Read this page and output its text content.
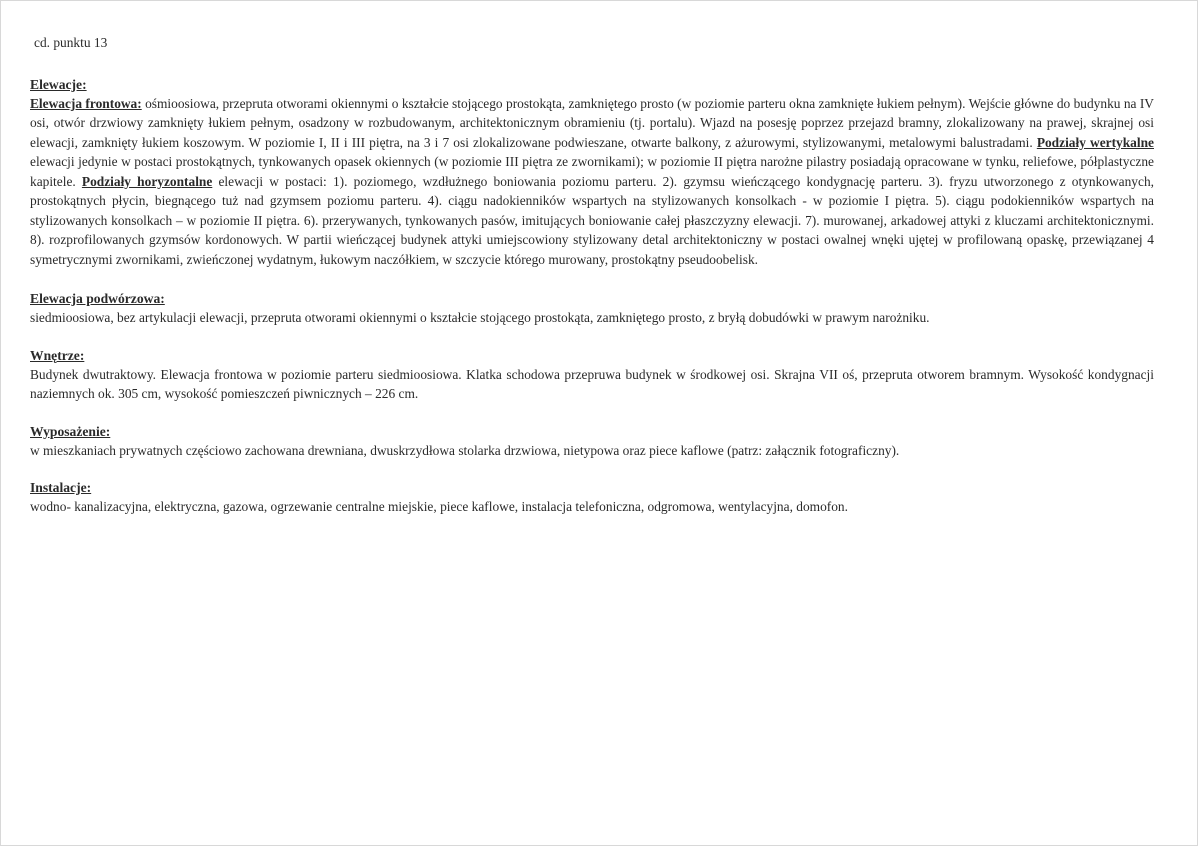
cd. punktu 13
Elewacje:

Elewacja frontowa: ośmioosiowa, przepruta otworami okiennymi o kształcie stojącego prostokąta, zamkniętego prosto (w poziomie parteru okna zamknięte łukiem pełnym). Wejście główne do budynku na IV osi, otwór drzwiowy zamknięty łukiem pełnym, osadzony w rozbudowanym, architektonicznym obramieniu (tj. portalu). Wjazd na posesję poprzez przejazd bramny, zlokalizowany na prawej, skrajnej osi elewacji, zamknięty łukiem koszowym. W poziomie I, II i III piętra, na 3 i 7 osi zlokalizowane podwieszane, otwarte balkony, z ażurowymi, stylizowanymi, metalowymi balustradami. Podziały wertykalne elewacji jedynie w postaci prostokątnych, tynkowanych opasek okiennych (w poziomie III piętra ze zwornikami); w poziomie II piętra narożne pilastry posiadają opracowane w tynku, reliefowe, półplastyczne kapitele. Podziały horyzontalne elewacji w postaci: 1). poziomego, wzdłużnego boniowania poziomu parteru. 2). gzymsu wieńczącego kondygnację parteru. 3). fryzu utworzonego z otynkowanych, prostokątnych płycin, biegnącego tuż nad gzymsem poziomu parteru. 4). ciągu nadokienników wspartych na stylizowanych konsolkach - w poziomie I piętra. 5). ciągu podokienników wspartych na stylizowanych konsolkach – w poziomie II piętra. 6). przerywanych, tynkowanych pasów, imitujących boniowanie całej płaszczyzny elewacji. 7). murowanej, arkadowej attyki z kluczami architektonicznymi. 8). rozprofilowanych gzymsów kordonowych. W partii wieńczącej budynek attyki umiejscowiony stylizowany detal architektoniczny w postaci owalnej wnęki ujętej w profilowaną opaskę, przewiązanej 4 symetrycznymi zwornikami, zwieńczonej wydatnym, łukowym naczółkiem, w szczycie którego murowany, prostokątny pseudoobelisk.

Elewacja podwórzowa:

siedmioosiowa, bez artykulacji elewacji, przepruta otworami okiennymi o kształcie stojącego prostokąta, zamkniętego prosto, z bryłą dobudówki w prawym narożniku.

Wnętrze:

Budynek dwutraktowy. Elewacja frontowa w poziomie parteru siedmioosiowa. Klatka schodowa przepruwa budynek w środkowej osi. Skrajna VII oś, przepruta otworem bramnym. Wysokość kondygnacji naziemnych ok. 305 cm, wysokość pomieszczeń piwnicznych – 226 cm.

Wyposażenie:

w mieszkaniach prywatnych częściowo zachowana drewniana, dwuskrzydłowa stolarka drzwiowa, nietypowa oraz piece kaflowe (patrz: załącznik fotograficzny).

Instalacje:

wodno- kanalizacyjna, elektryczna, gazowa, ogrzewanie centralne miejskie, piece kaflowe, instalacja telefoniczna, odgromowa, wentylacyjna, domofon.
